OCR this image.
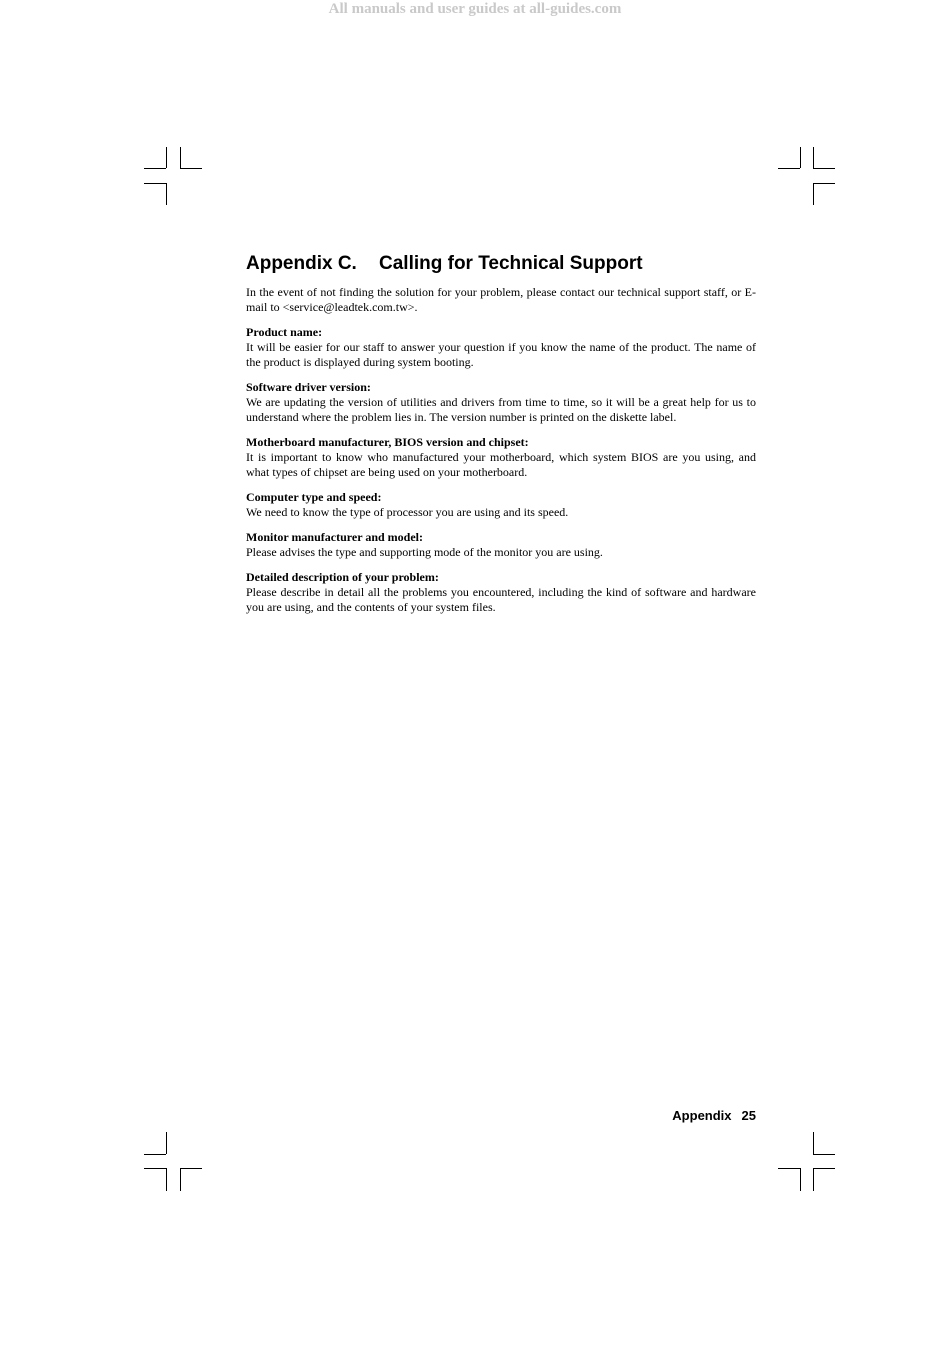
All manuals and user guides at all-guides.com
Appendix C. Calling for Technical Support

In the event of not finding the solution for your problem, please contact our technical support staff, or E-mail to <service@leadtek.com.tw>.

Product name:

It will be easier for our staff to answer your question if you know the name of the product. The name of the product is displayed during system booting.

Software driver version:

We are updating the version of utilities and drivers from time to time, so it will be a great help for us to understand where the problem lies in. The version number is printed on the diskette label.

Motherboard manufacturer, BIOS version and chipset:

It is important to know who manufactured your motherboard, which system BIOS are you using, and what types of chipset are being used on your motherboard.

Computer type and speed:

We need to know the type of processor you are using and its speed.

Monitor manufacturer and model:

Please advises the type and supporting mode of the monitor you are using.

Detailed description of your problem:

Please describe in detail all the problems you encountered, including the kind of software and hardware you are using, and the contents of your system files.

Appendix 25
